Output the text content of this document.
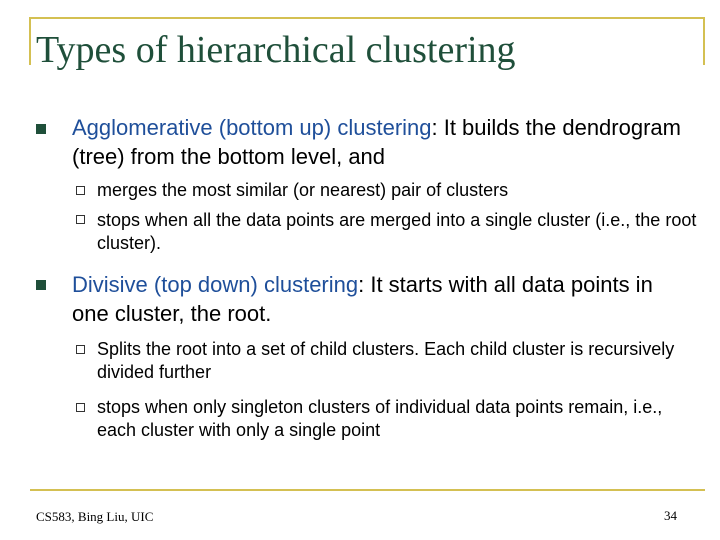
Types of hierarchical clustering
Agglomerative (bottom up) clustering: It builds the dendrogram (tree) from the bottom level, and
merges the most similar (or nearest) pair of clusters
stops when all the data points are merged into a single cluster (i.e., the root cluster).
Divisive (top down) clustering: It starts with all data points in one cluster, the root.
Splits the root into a set of child clusters. Each child cluster is recursively divided further
stops when only singleton clusters of individual data points remain, i.e., each cluster with only a single point
CS583, Bing Liu, UIC	34
